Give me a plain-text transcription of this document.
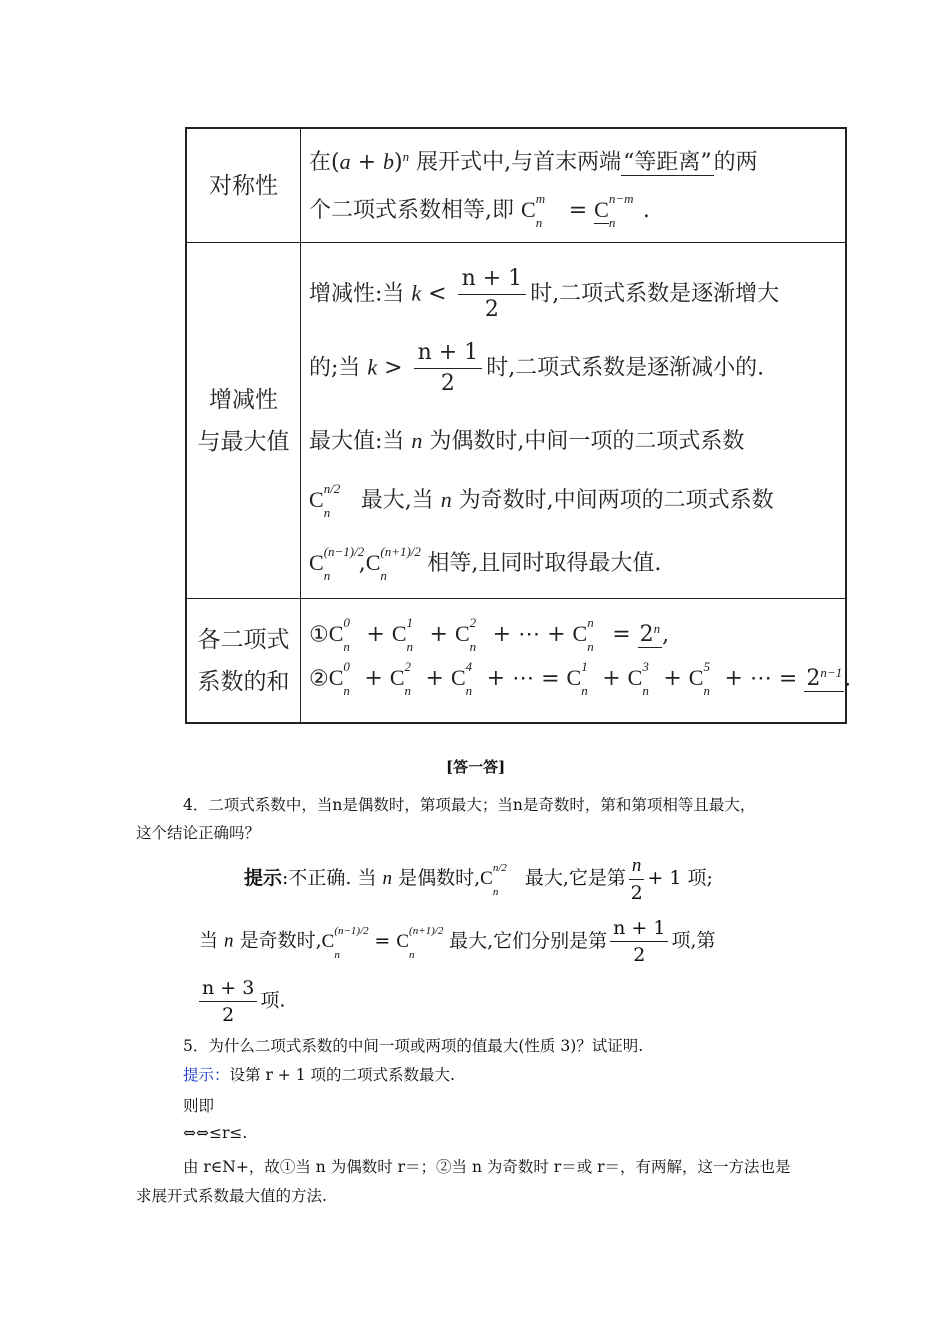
对称性
在$(a + b)^n$ 展开式中,与首末两端“等距离”的两
个二项式系数相等,即 C m
n = C n−m
n .
增减性
与最大值
增减性:当 $k < \frac{n + 1}{2}$ 时,二项式系数是逐渐增大
的;当 $k > \frac{n + 1}{2}$ 时,二项式系数是逐渐减小的.
最大值:当 n 为偶数时,中间一项的二项式系数
C n/2
n 最大,当 n 为奇数时,中间两项的二项式系数
C (n−1)/2
n ,C (n+1)/2
n 相等,且同时取得最大值.
各二项式
系数的和
①C 0
n + C 1
n + C 2
n + ⋯ + C n
$n = 2^n$,
②C 0
n + C 2
n + C 4
n + ⋯ = C 1
n + C 3
n + C 5
n + ⋯ = $2^{n-1}$.
[答一答]
4．二项式系数中，当n是偶数时，第项最大；当n是奇数时，第和第项相等且最大，
这个结论正确吗？
提示:不正确. 当 n 是偶数时,C n/2
n
最大,它是第 $\frac{n}{2} + 1$ 项;
当 n 是奇数时,C (n−1)/2
n
= C (n+1)/2
n
最大,它们分别是第 $\frac{n + 1}{2}$ 项,第
$\frac{n + 3}{2}$ 项.
5．为什么二项式系数的中间一项或两项的值最大(性质 3)？试证明.
提示：设第 r + 1 项的二项式系数最大.
则即
⇔⇔≤r≤.
由 r∈N+，故①当 n 为偶数时 r＝；②当 n 为奇数时 r＝或 r＝，有两解，这一方法也是
求展开式系数最大值的方法.
